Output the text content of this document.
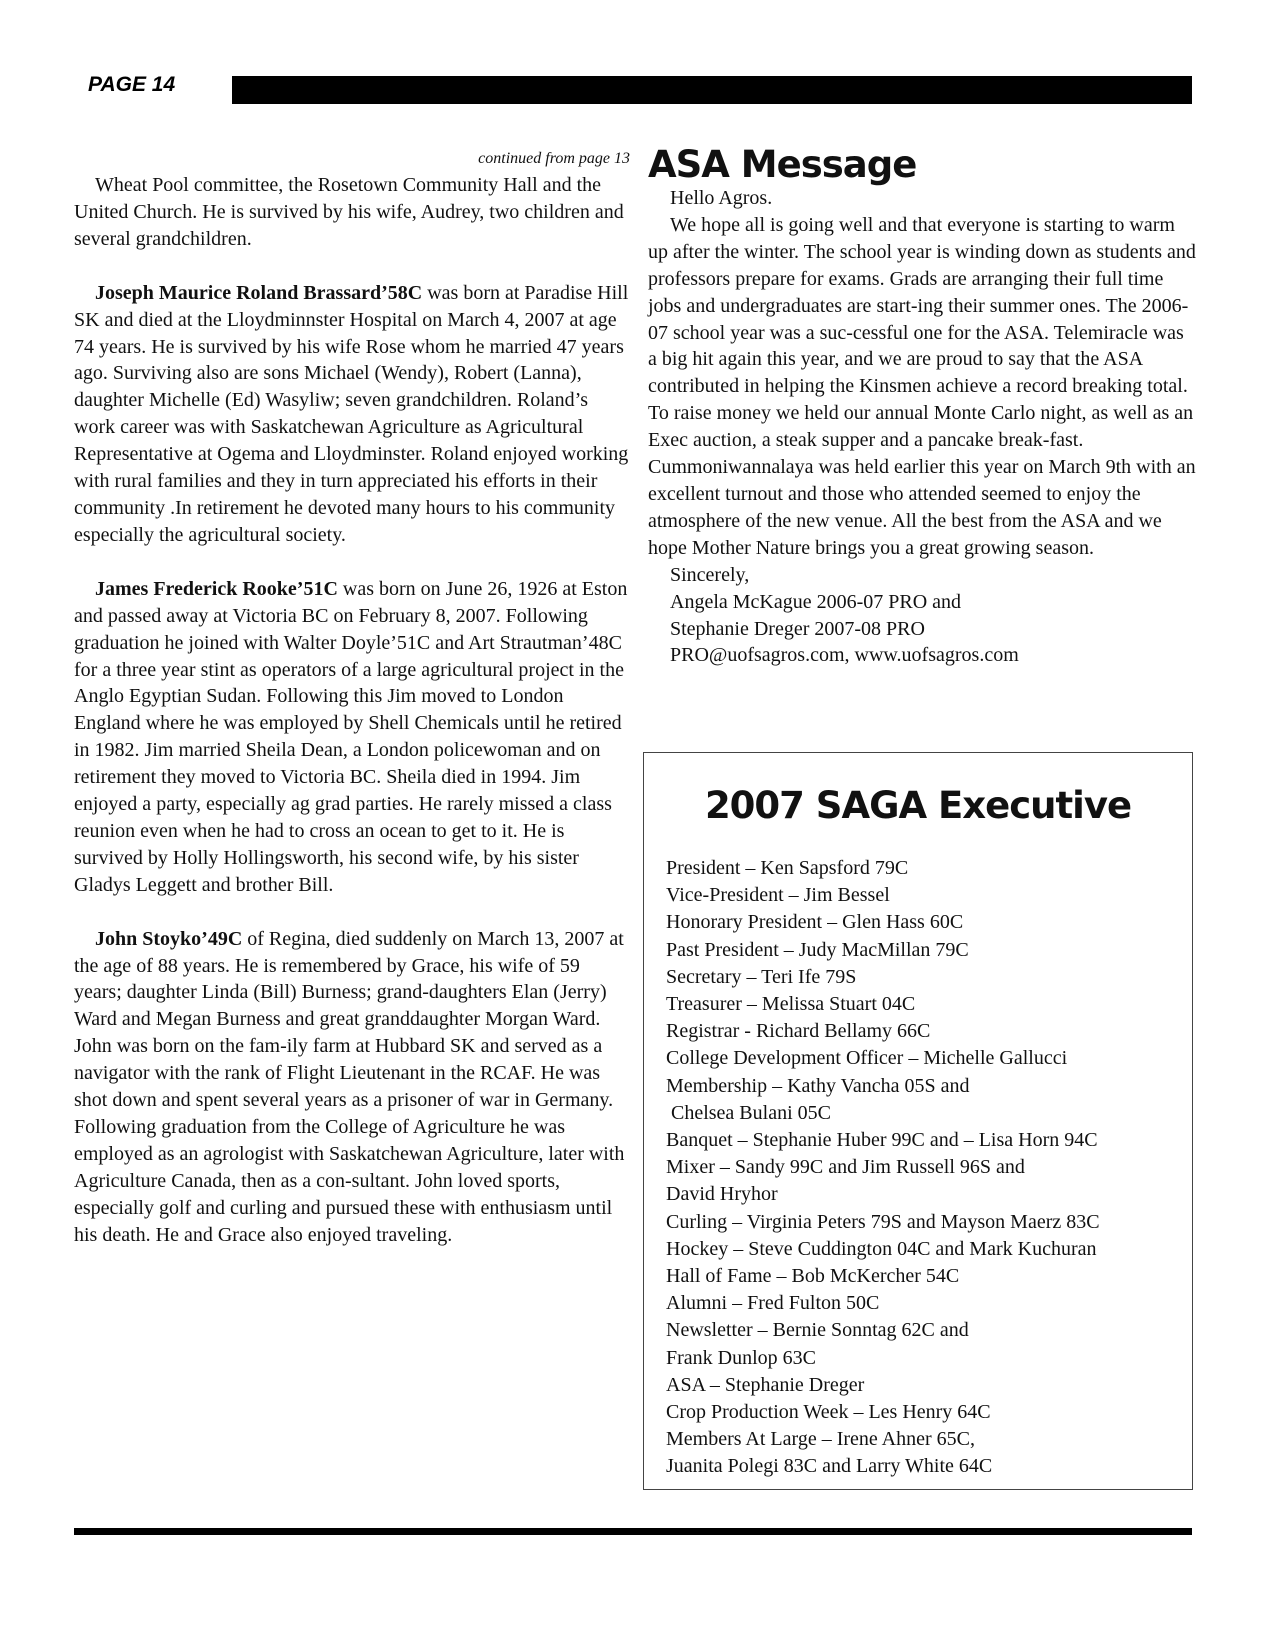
PAGE 14

continued from page 13

Wheat Pool committee, the Rosetown Community Hall and the United Church. He is survived by his wife, Audrey, two children and several grandchildren.

Joseph Maurice Roland Brassard’58C was born at Paradise Hill SK and died at the Lloydminnster Hospital on March 4, 2007 at age 74 years. He is survived by his wife Rose whom he married 47 years ago. Surviving also are sons Michael (Wendy), Robert (Lanna), daughter Michelle (Ed) Wasyliw; seven grandchildren. Roland’s work career was with Saskatchewan Agriculture as Agricultural Representative at Ogema and Lloydminster. Roland enjoyed working with rural families and they in turn appreciated his efforts in their community .In retirement he devoted many hours to his community especially the agricultural society.

James Frederick Rooke’51C was born on June 26, 1926 at Eston and passed away at Victoria BC on February 8, 2007. Following graduation he joined with Walter Doyle’51C and Art Strautman’48C for a three year stint as operators of a large agricultural project in the Anglo Egyptian Sudan. Following this Jim moved to London England where he was employed by Shell Chemicals until he retired in 1982. Jim married Sheila Dean, a London policewoman and on retirement they moved to Victoria BC. Sheila died in 1994. Jim enjoyed a party, especially ag grad parties. He rarely missed a class reunion even when he had to cross an ocean to get to it. He is survived by Holly Hollingsworth, his second wife, by his sister Gladys Leggett and brother Bill.

John Stoyko’49C of Regina, died suddenly on March 13, 2007 at the age of 88 years. He is remembered by Grace, his wife of 59 years; daughter Linda (Bill) Burness; grand-daughters Elan (Jerry) Ward and Megan Burness and great granddaughter Morgan Ward. John was born on the fam-ily farm at Hubbard SK and served as a navigator with the rank of Flight Lieutenant in the RCAF. He was shot down and spent several years as a prisoner of war in Germany. Following graduation from the College of Agriculture he was employed as an agrologist with Saskatchewan Agriculture, later with Agriculture Canada, then as a con-sultant. John loved sports, especially golf and curling and pursued these with enthusiasm until his death. He and Grace also enjoyed traveling.

ASA Message

Hello Agros.

We hope all is going well and that everyone is starting to warm up after the winter. The school year is winding down as students and professors prepare for exams. Grads are arranging their full time jobs and undergraduates are start-ing their summer ones. The 2006-07 school year was a suc-cessful one for the ASA. Telemiracle was a big hit again this year, and we are proud to say that the ASA contributed in helping the Kinsmen achieve a record breaking total. To raise money we held our annual Monte Carlo night, as well as an Exec auction, a steak supper and a pancake break-fast. Cummoniwannalaya was held earlier this year on March 9th with an excellent turnout and those who attended seemed to enjoy the atmosphere of the new venue. All the best from the ASA and we hope Mother Nature brings you a great growing season.

Sincerely,

Angela McKague 2006-07 PRO and

Stephanie Dreger 2007-08 PRO

PRO@uofsagros.com, www.uofsagros.com

2007 SAGA Executive
President – Ken Sapsford 79C
Vice-President – Jim Bessel
Honorary President – Glen Hass 60C
Past President – Judy MacMillan 79C
Secretary – Teri Ife 79S
Treasurer – Melissa Stuart 04C
Registrar - Richard Bellamy 66C
College Development Officer – Michelle Gallucci
Membership – Kathy Vancha 05S and
Chelsea Bulani 05C
Banquet – Stephanie Huber 99C and – Lisa Horn 94C
Mixer – Sandy 99C and Jim Russell 96S and
David Hryhor
Curling – Virginia Peters 79S and Mayson Maerz 83C
Hockey – Steve Cuddington 04C and Mark Kuchuran
Hall of Fame – Bob McKercher 54C
Alumni – Fred Fulton 50C
Newsletter – Bernie Sonntag 62C and
Frank Dunlop 63C
ASA – Stephanie Dreger
Crop Production Week – Les Henry 64C
Members At Large – Irene Ahner 65C,
Juanita Polegi 83C and Larry White 64C
